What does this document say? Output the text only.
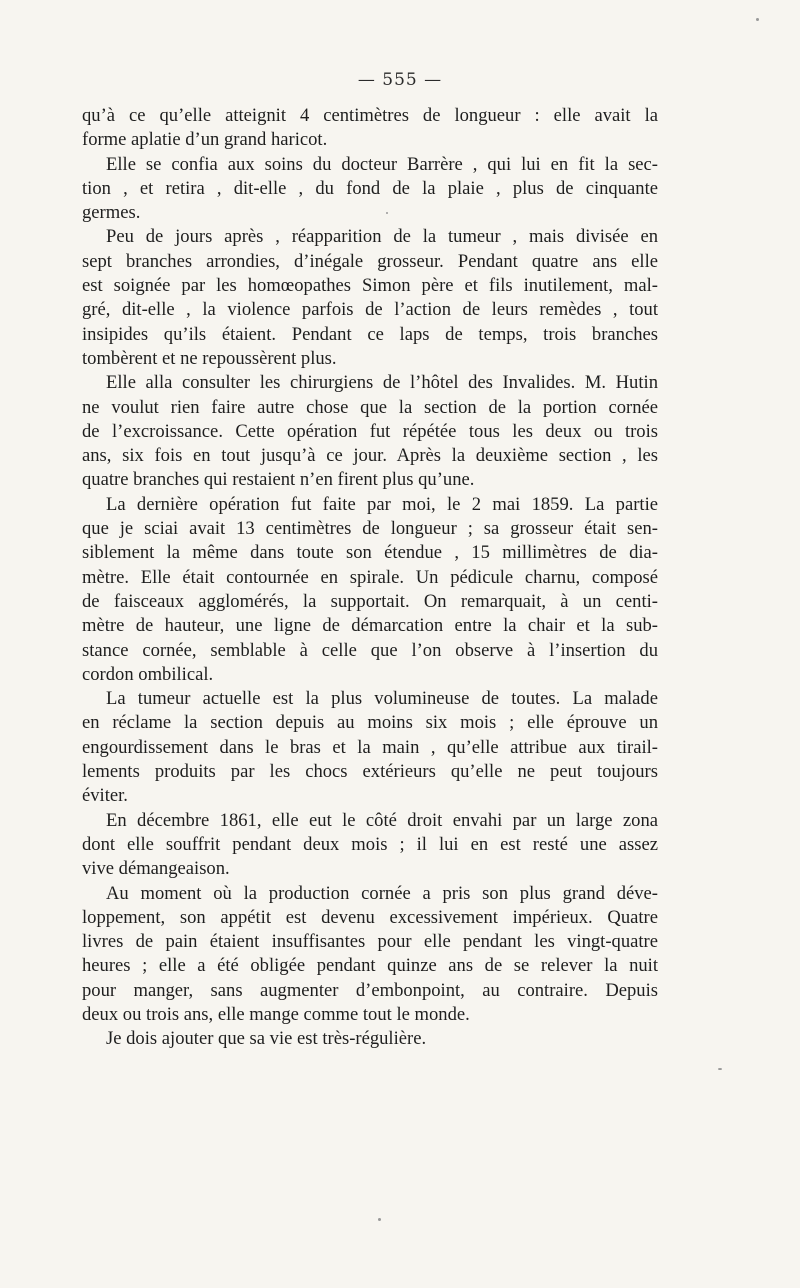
— 555 —

qu’à ce qu’elle atteignit 4 centimètres de longueur : elle avait la
forme aplatie d’un grand haricot.

Elle se confia aux soins du docteur Barrère , qui lui en fit la sec-
tion , et retira , dit-elle , du fond de la plaie , plus de cinquante
germes.

Peu de jours après , réapparition de la tumeur , mais divisée en
sept branches arrondies, d’inégale grosseur. Pendant quatre ans elle
est soignée par les homœopathes Simon père et fils inutilement, mal-
gré, dit-elle , la violence parfois de l’action de leurs remèdes , tout
insipides qu’ils étaient. Pendant ce laps de temps, trois branches
tombèrent et ne repoussèrent plus.

Elle alla consulter les chirurgiens de l’hôtel des Invalides. M. Hutin
ne voulut rien faire autre chose que la section de la portion cornée
de l’excroissance. Cette opération fut répétée tous les deux ou trois
ans, six fois en tout jusqu’à ce jour. Après la deuxième section , les
quatre branches qui restaient n’en firent plus qu’une.

La dernière opération fut faite par moi, le 2 mai 1859. La partie
que je sciai avait 13 centimètres de longueur ; sa grosseur était sen-
siblement la même dans toute son étendue , 15 millimètres de dia-
mètre. Elle était contournée en spirale. Un pédicule charnu, composé
de faisceaux agglomérés, la supportait. On remarquait, à un centi-
mètre de hauteur, une ligne de démarcation entre la chair et la sub-
stance cornée, semblable à celle que l’on observe à l’insertion du
cordon ombilical.

La tumeur actuelle est la plus volumineuse de toutes. La malade
en réclame la section depuis au moins six mois ; elle éprouve un
engourdissement dans le bras et la main , qu’elle attribue aux tirail-
lements produits par les chocs extérieurs qu’elle ne peut toujours
éviter.

En décembre 1861, elle eut le côté droit envahi par un large zona
dont elle souffrit pendant deux mois ; il lui en est resté une assez
vive démangeaison.

Au moment où la production cornée a pris son plus grand déve-
loppement, son appétit est devenu excessivement impérieux. Quatre
livres de pain étaient insuffisantes pour elle pendant les vingt-quatre
heures ; elle a été obligée pendant quinze ans de se relever la nuit
pour manger, sans augmenter d’embonpoint, au contraire. Depuis
deux ou trois ans, elle mange comme tout le monde.

Je dois ajouter que sa vie est très-régulière.
